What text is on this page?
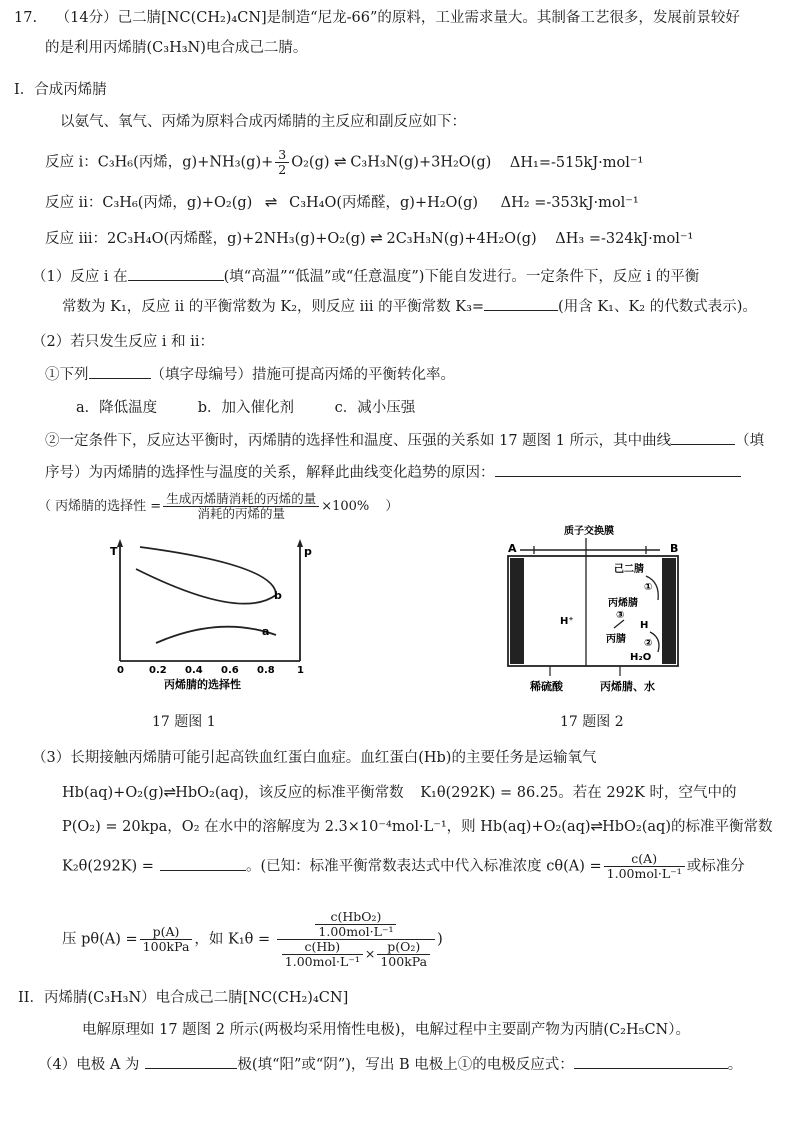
17. （14分）己二腈[NC(CH₂)₄CN]是制造“尼龙-66”的原料，工业需求量大。其制备工艺很多，发展前景较好
的是利用丙烯腈(C₃H₃N)电合成己二腈。
I．合成丙烯腈
以氨气、氧气、丙烯为原料合成丙烯腈的主反应和副反应如下：
反应 i：C₃H₆(丙烯，$g)+NH_3(g)+ \frac{3}{2} O_2(g)$ ⇌ C₃H₃N(g)+3H₂O(g) ΔH₁=-515kJ·mol⁻¹
反应 ii：C₃H₆(丙烯，g)+O₂(g) ⇌ C₃H₄O(丙烯醛，g)+H₂O(g) ΔH₂ =-353kJ·mol⁻¹
反应 iii：2C₃H₄O(丙烯醛，g)+2NH₃(g)+O₂(g) ⇌ 2C₃H₃N(g)+4H₂O(g) ΔH₃ =-324kJ·mol⁻¹
（1）反应 i 在	(填“高温”“低温”或“任意温度”)下能自发进行。一定条件下，反应 i 的平衡
常数为 K₁，反应 ii 的平衡常数为 K₂，则反应 iii 的平衡常数 K₃=	(用含 K₁、K₂ 的代数式表示)。
（2）若只发生反应 i 和 ii：
①下列	（填字母编号）措施可提高丙烯的平衡转化率。
a．降低温度	b．加入催化剂	c．减小压强
②一定条件下，反应达平衡时，丙烯腈的选择性和温度、压强的关系如 17 题图 1 所示，其中曲线	（填
序号）为丙烯腈的选择性与温度的关系，解释此曲线变化趋势的原因：
（ 丙烯腈的选择性 = $\frac{\text{生成丙烯腈消耗的丙烯的量}}{\text{消耗的丙烯的量}} \times 100\%$ ）
T	p
b
a
0	0.2 0.4 0.6 0.8 1
丙烯腈的选择性
17 题图 1
质子交换膜
A	B
己二腈
①
丙烯腈
③
H⁺	H
丙腈 ②
H₂O
稀硫酸	丙烯腈、水
17 题图 2
（3）长期接触丙烯腈可能引起高铁血红蛋白血症。血红蛋白(Hb)的主要任务是运输氧气
Hb(aq)+O₂(g)⇌HbO₂(aq)，该反应的标准平衡常数 K₁θ(292K) = 86.25。若在 292K 时，空气中的
P(O₂) = 20kpa，O₂ 在水中的溶解度为 2.3×10⁻⁴mol·L⁻¹，则 Hb(aq)+O₂(aq)⇌HbO₂(aq)的标准平衡常数
K₂θ(292K) =	。(已知：标准平衡常数表达式中代入标准浓度 $c\theta(A) = \frac{c(A)}{\text{1.00mol·L⁻¹}}$ 或标准分
压 $p\theta(A) = \frac{p(A)}{\text{100kPa}}$ ，如 $K_1\theta = \frac{\frac{\text{c(HbO₂)}}{\text{1.00mol·L⁻¹}}}{\frac{c(Hb)}{\text{1.00mol·L⁻¹}} \times \frac{\text{p(O₂)}}{\text{100kPa}}}$ )
II．丙烯腈(C₃H₃N）电合成己二腈[NC(CH₂)₄CN]
电解原理如 17 题图 2 所示(两极均采用惰性电极)，电解过程中主要副产物为丙腈(C₂H₅CN）。
（4）电极 A 为	极(填“阳”或“阴”)，写出 B 电极上①的电极反应式：	。
